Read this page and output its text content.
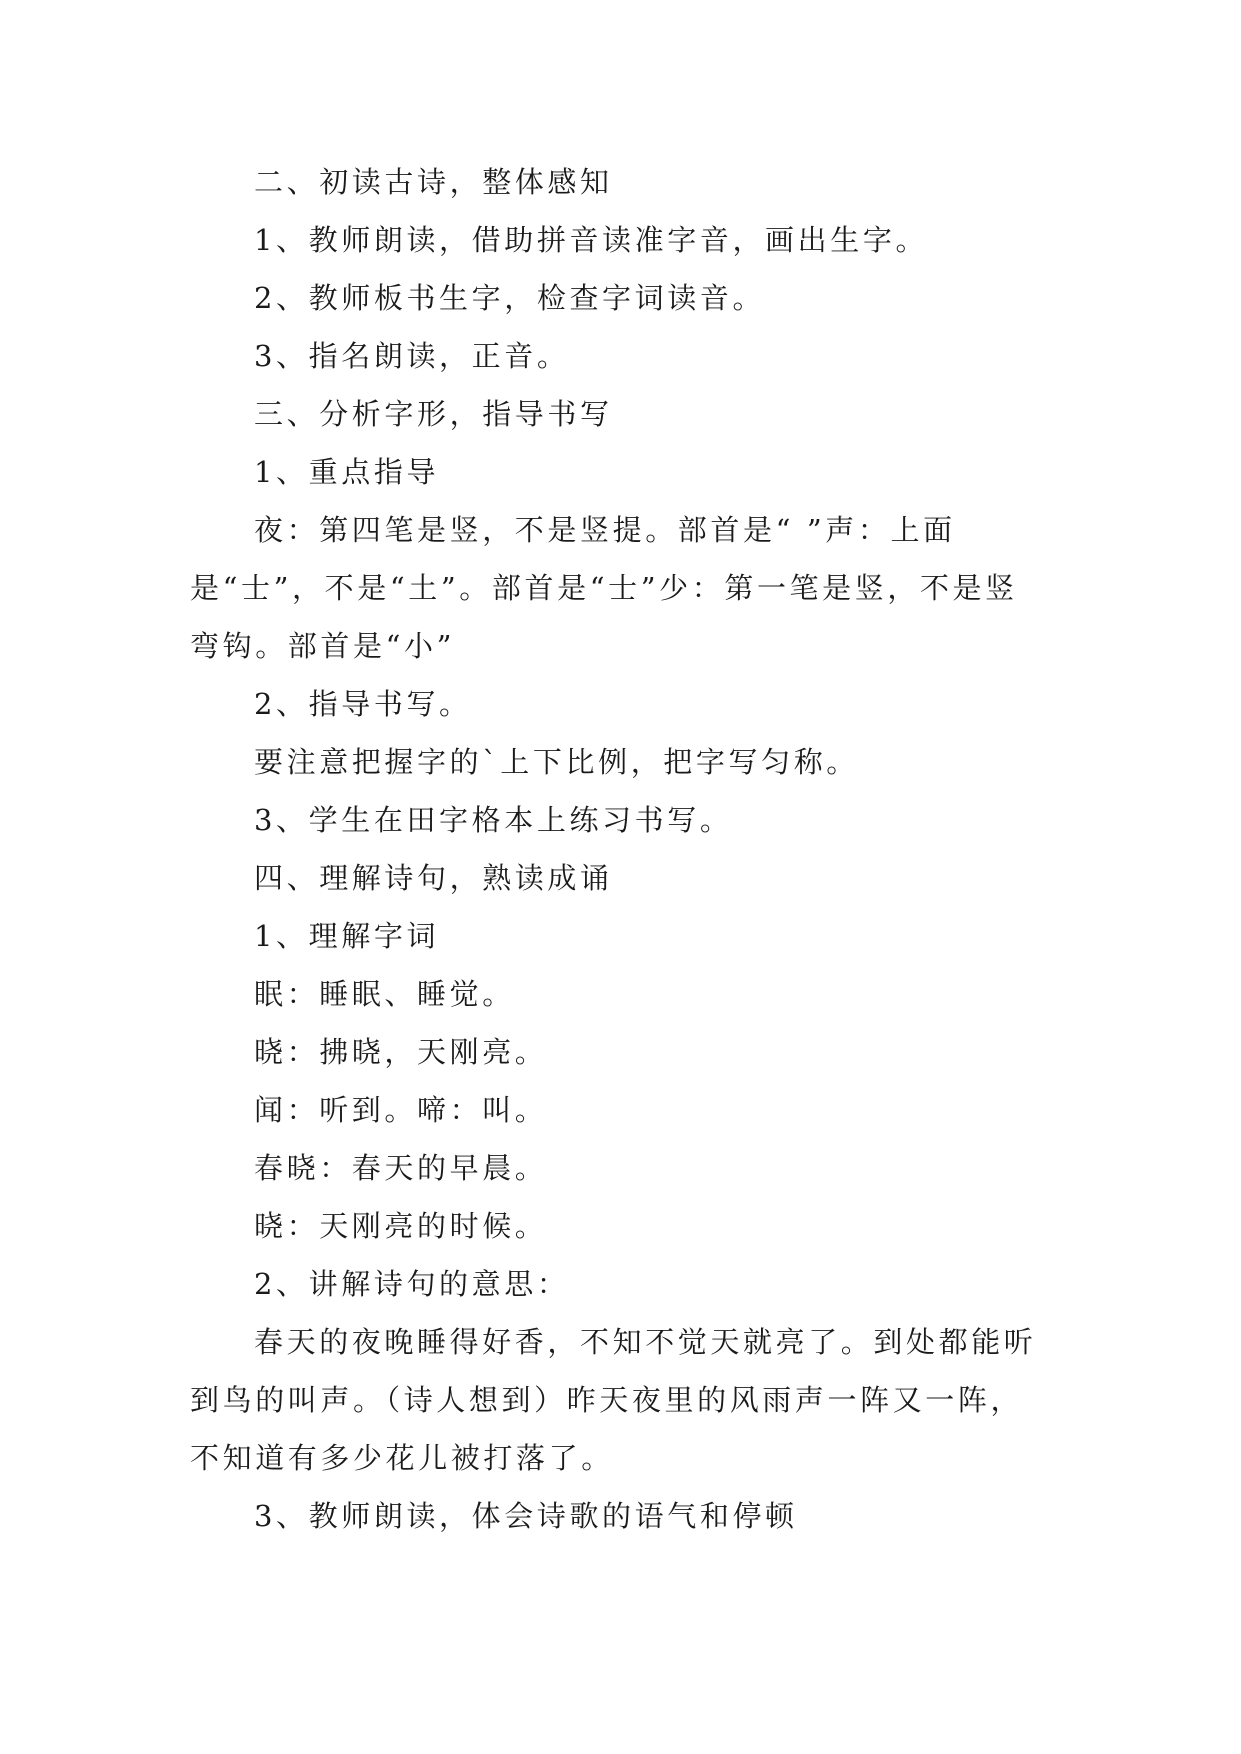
二、初读古诗，整体感知

1、教师朗读，借助拼音读准字音，画出生字。

2、教师板书生字，检查字词读音。

3、指名朗读，正音。

三、分析字形，指导书写

1、重点指导

夜：第四笔是竖，不是竖提。部首是“ ”声：上面是“士”，不是“土”。部首是“士”少：第一笔是竖，不是竖弯钩。部首是“小”

2、指导书写。

要注意把握字的`上下比例，把字写匀称。

3、学生在田字格本上练习书写。

四、理解诗句，熟读成诵

1、理解字词

眠：睡眠、睡觉。

晓：拂晓，天刚亮。

闻：听到。啼：叫。

春晓：春天的早晨。

晓：天刚亮的时候。

2、讲解诗句的意思：

春天的夜晚睡得好香，不知不觉天就亮了。到处都能听到鸟的叫声。（诗人想到）昨天夜里的风雨声一阵又一阵，不知道有多少花儿被打落了。

3、教师朗读，体会诗歌的语气和停顿
